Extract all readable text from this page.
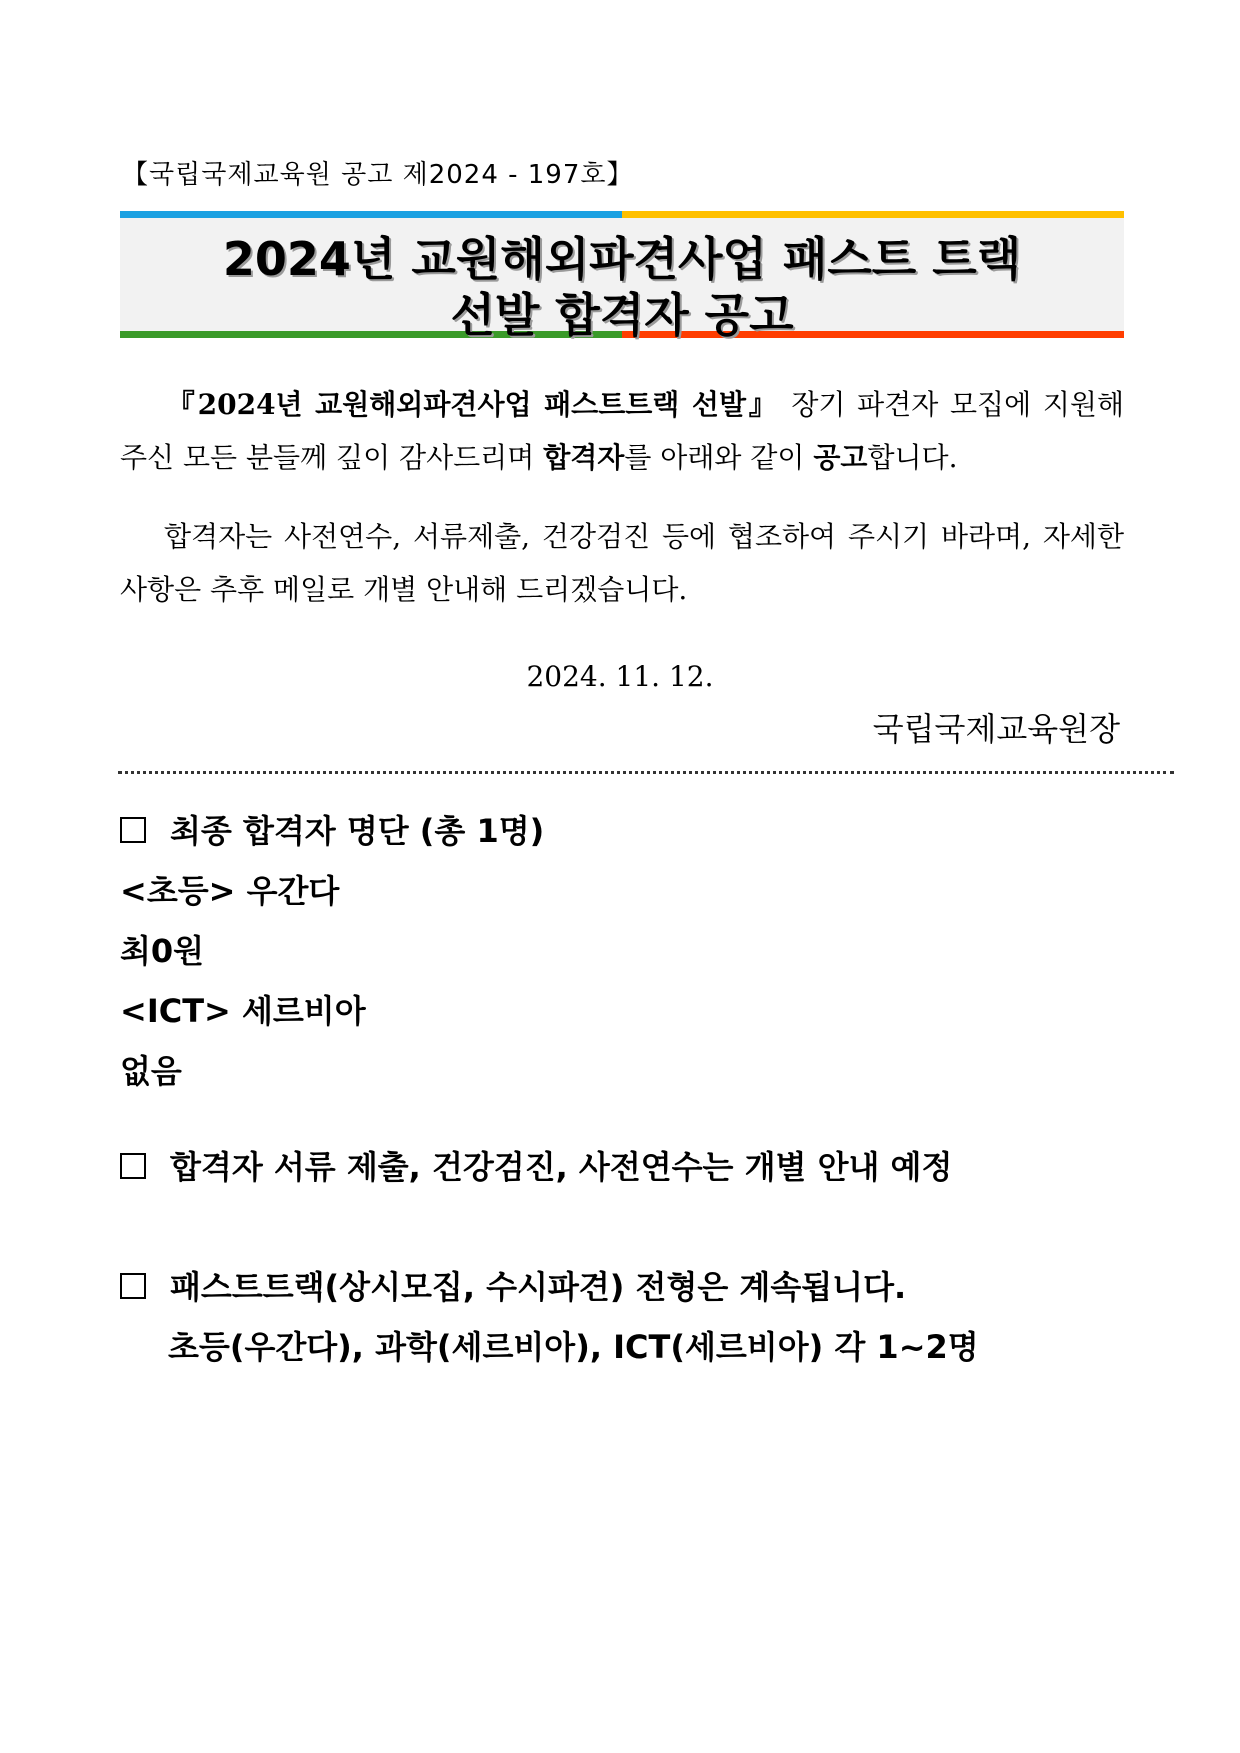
【국립국제교육원 공고 제2024 - 197호】
2024년 교원해외파견사업 패스트 트랙
선발 합격자 공고
『2024년 교원해외파견사업 패스트트랙 선발』 장기 파견자 모집에 지원해 주신 모든 분들께 깊이 감사드리며 합격자를 아래와 같이 공고합니다.
합격자는 사전연수, 서류제출, 건강검진 등에 협조하여 주시기 바라며, 자세한 사항은 추후 메일로 개별 안내해 드리겠습니다.
2024. 11. 12.
국립국제교육원장
최종 합격자 명단 (총 1명)
<초등> 우간다
최0원
<ICT> 세르비아
없음
합격자 서류 제출, 건강검진, 사전연수는 개별 안내 예정
패스트트랙(상시모집, 수시파견) 전형은 계속됩니다.
초등(우간다), 과학(세르비아), ICT(세르비아) 각 1~2명
